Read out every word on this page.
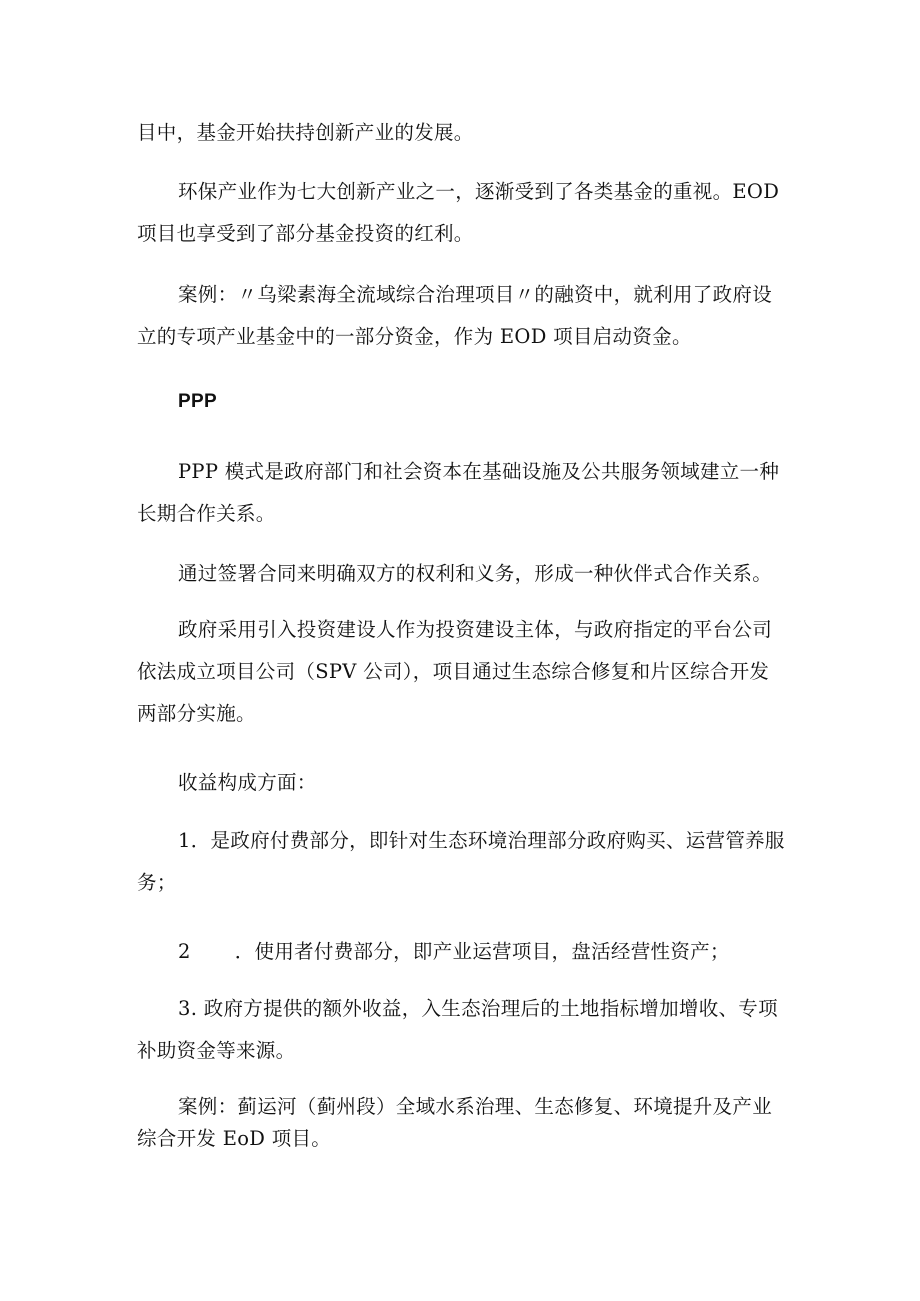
目中，基金开始扶持创新产业的发展。

环保产业作为七大创新产业之一，逐渐受到了各类基金的重视。EOD
项目也享受到了部分基金投资的红利。

案例：〃乌梁素海全流域综合治理项目〃的融资中，就利用了政府设
立的专项产业基金中的一部分资金，作为 EOD 项目启动资金。

PPP

PPP 模式是政府部门和社会资本在基础设施及公共服务领域建立一种
长期合作关系。

通过签署合同来明确双方的权利和义务，形成一种伙伴式合作关系。

政府采用引入投资建设人作为投资建设主体，与政府指定的平台公司
依法成立项目公司（SPV 公司），项目通过生态综合修复和片区综合开发
两部分实施。

收益构成方面：

1．是政府付费部分，即针对生态环境治理部分政府购买、运营管养服
务；

2 ．使用者付费部分，即产业运营项目，盘活经营性资产；

3. 政府方提供的额外收益，入生态治理后的土地指标增加增收、专项
补助资金等来源。

案例：蓟运河（蓟州段）全域水系治理、生态修复、环境提升及产业
综合开发 EoD 项目。
